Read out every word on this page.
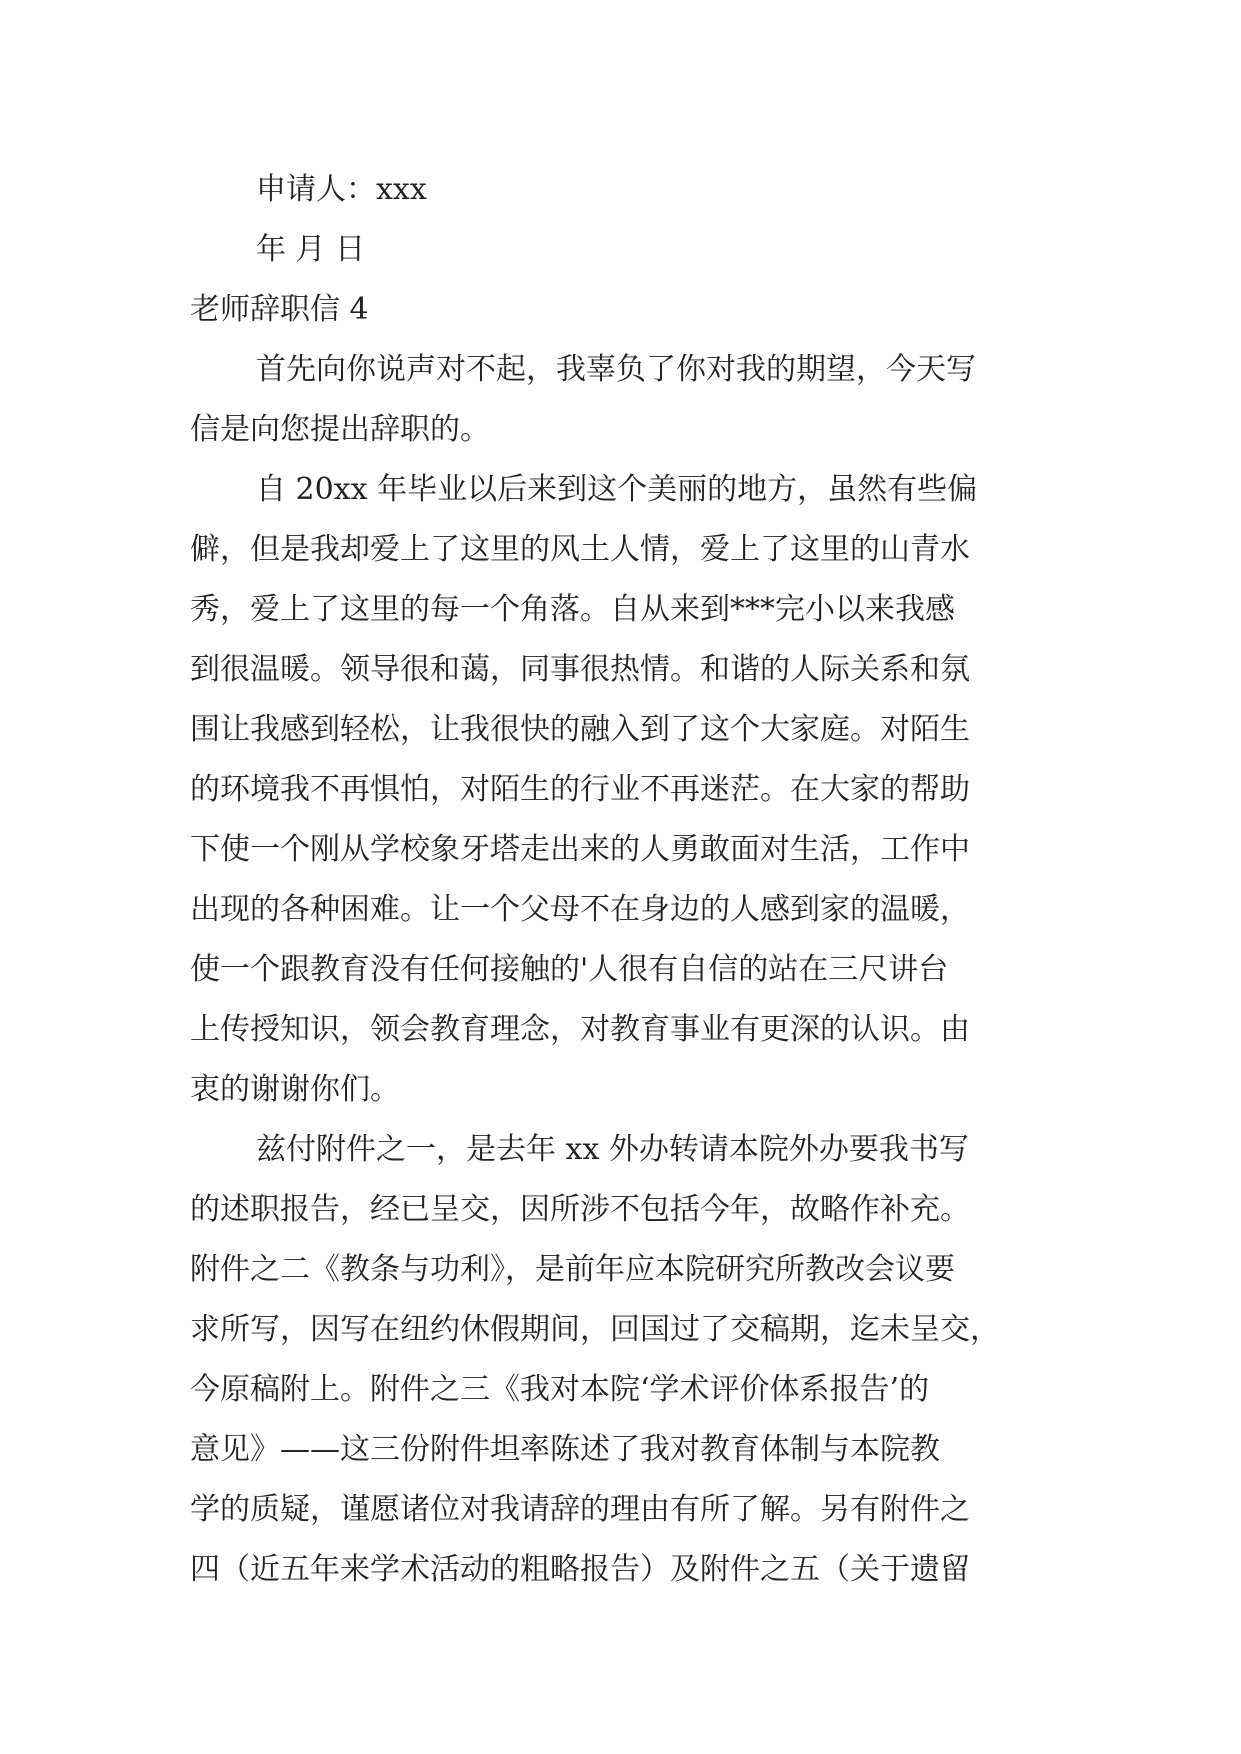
申请人：xxx

年 月 日

老师辞职信 4

首先向你说声对不起，我辜负了你对我的期望，今天写

信是向您提出辞职的。

自 20xx 年毕业以后来到这个美丽的地方，虽然有些偏

僻，但是我却爱上了这里的风土人情，爱上了这里的山青水

秀，爱上了这里的每一个角落。自从来到***完小以来我感

到很温暖。领导很和蔼，同事很热情。和谐的人际关系和氛

围让我感到轻松，让我很快的融入到了这个大家庭。对陌生

的环境我不再惧怕，对陌生的行业不再迷茫。在大家的帮助

下使一个刚从学校象牙塔走出来的人勇敢面对生活，工作中

出现的各种困难。让一个父母不在身边的人感到家的温暖，

使一个跟教育没有任何接触的'人很有自信的站在三尺讲台

上传授知识，领会教育理念，对教育事业有更深的认识。由

衷的谢谢你们。

兹付附件之一，是去年 xx 外办转请本院外办要我书写

的述职报告，经已呈交，因所涉不包括今年，故略作补充。

附件之二《教条与功利》，是前年应本院研究所教改会议要

求所写，因写在纽约休假期间，回国过了交稿期，迄未呈交，

今原稿附上。附件之三《我对本院‘学术评价体系报告’的

意见》——这三份附件坦率陈述了我对教育体制与本院教

学的质疑，谨愿诸位对我请辞的理由有所了解。另有附件之

四（近五年来学术活动的粗略报告）及附件之五（关于遗留
